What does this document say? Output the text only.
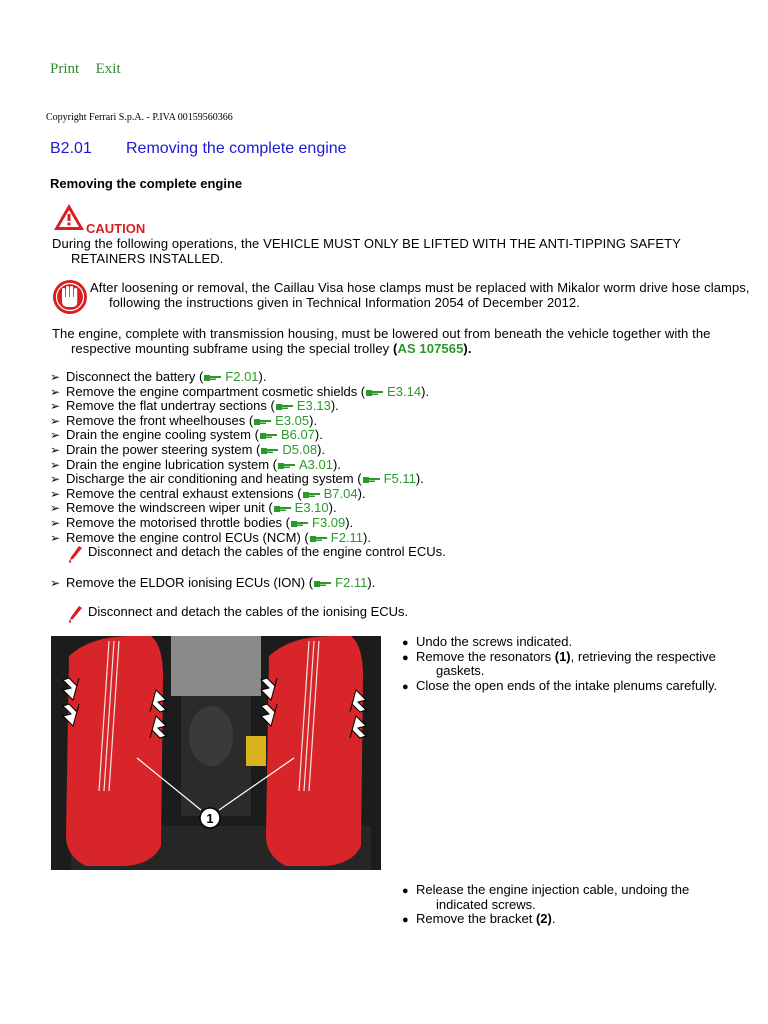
Print Exit
Copyright Ferrari S.p.A. - P.IVA 00159560366
B2.01 Removing the complete engine
Removing the complete engine
CAUTION
During the following operations, the VEHICLE MUST ONLY BE LIFTED WITH THE ANTI-TIPPING SAFETY RETAINERS INSTALLED.
After loosening or removal, the Caillau Visa hose clamps must be replaced with Mikalor worm drive hose clamps, following the instructions given in Technical Information 2054 of December 2012.
The engine, complete with transmission housing, must be lowered out from beneath the vehicle together with the respective mounting subframe using the special trolley (AS 107565).
➢ Disconnect the battery ( F2.01).
➢ Remove the engine compartment cosmetic shields ( E3.14).
➢ Remove the flat undertray sections ( E3.13).
➢ Remove the front wheelhouses ( E3.05).
➢ Drain the engine cooling system ( B6.07).
➢ Drain the power steering system ( D5.08).
➢ Drain the engine lubrication system ( A3.01).
➢ Discharge the air conditioning and heating system ( F5.11).
➢ Remove the central exhaust extensions ( B7.04).
➢ Remove the windscreen wiper unit ( E3.10).
➢ Remove the motorised throttle bodies ( F3.09).
➢ Remove the engine control ECUs (NCM) ( F2.11).
Disconnect and detach the cables of the engine control ECUs.
➢ Remove the ELDOR ionising ECUs (ION) ( F2.11).
Disconnect and detach the cables of the ionising ECUs.
1
● Undo the screws indicated.
● Remove the resonators (1), retrieving the respective gaskets.
● Close the open ends of the intake plenums carefully.
● Release the engine injection cable, undoing the indicated screws.
● Remove the bracket (2).
